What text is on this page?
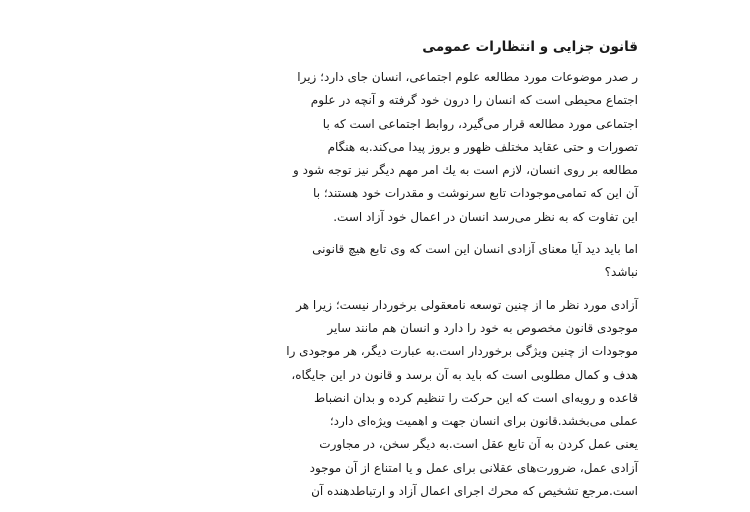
قانون جزایی و انتظارات عمومی
ر صدر موضوعات مورد مطالعه علوم اجتماعی، انسان جای دارد؛ زیرا
اجتماع محیطی است که انسان را درون خود گرفته و آنچه در علوم
اجتماعی مورد مطالعه قرار می‌گیرد، روابط اجتماعی است که با
تصورات و حتی عقاید مختلف ظهور و بروز پیدا می‌کند.به هنگام
مطالعه بر روی انسان، لازم است به یك امر مهم دیگر نیز توجه شود و
آن این که تمامی‌موجودات تابع سرنوشت و مقدرات خود هستند؛ با
این تفاوت که به نظر می‌رسد انسان در اعمال خود آزاد است.
اما باید دید آیا معنای آزادی انسان این است که وی تابع هیچ قانونی
نباشد؟
آزادی مورد نظر ما از چنین توسعه نامعقولی برخوردار نیست؛ زیرا هر
موجودی قانون مخصوص به خود را دارد و انسان هم مانند سایر
موجودات از چنین ویژگی برخوردار است.به عبارت دیگر، هر موجودی را
هدف و کمال مطلوبی است که باید به آن برسد و قانون در این جایگاه،
قاعده و رویه‌ای است که این حرکت را تنظیم کرده و بدان انضباط
عملی می‌بخشد.قانون برای انسان جهت و اهمیت ویژه‌ای دارد؛
یعنی عمل کردن به آن تابع عقل است.به دیگر سخن، در مجاورت
آزادی عمل، ضرورت‌های عقلانی برای عمل و یا امتناع از آن موجود
است.مرجع تشخیص که محرك اجرای اعمال آزاد و ارتباطدهنده آن
